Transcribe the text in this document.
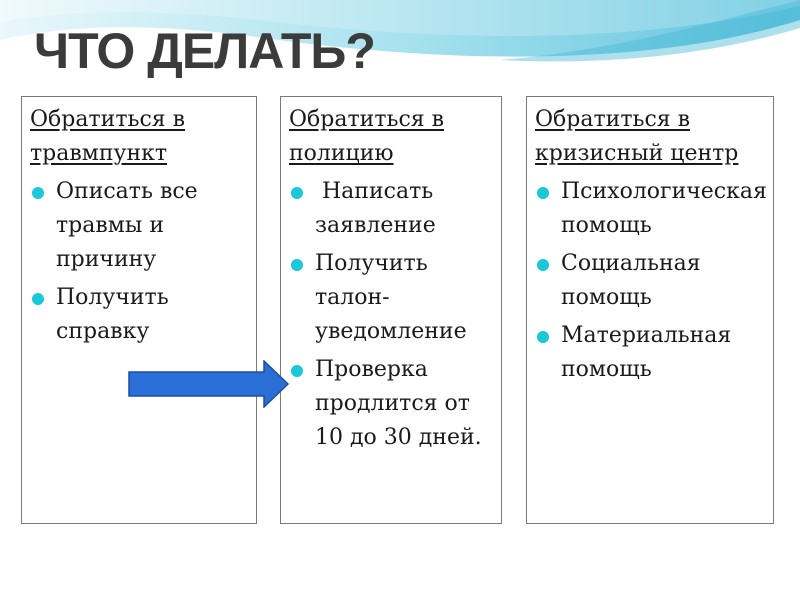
ЧТО ДЕЛАТЬ?
Обратиться в травмпункт
Описать все травмы и причину
Получить справку
Обратиться в полицию
Написать заявление
Получить талон-уведомление
Проверка продлится от 10 до 30 дней.
Обратиться в кризисный центр
Психологическая помощь
Социальная помощь
Материальная помощь
